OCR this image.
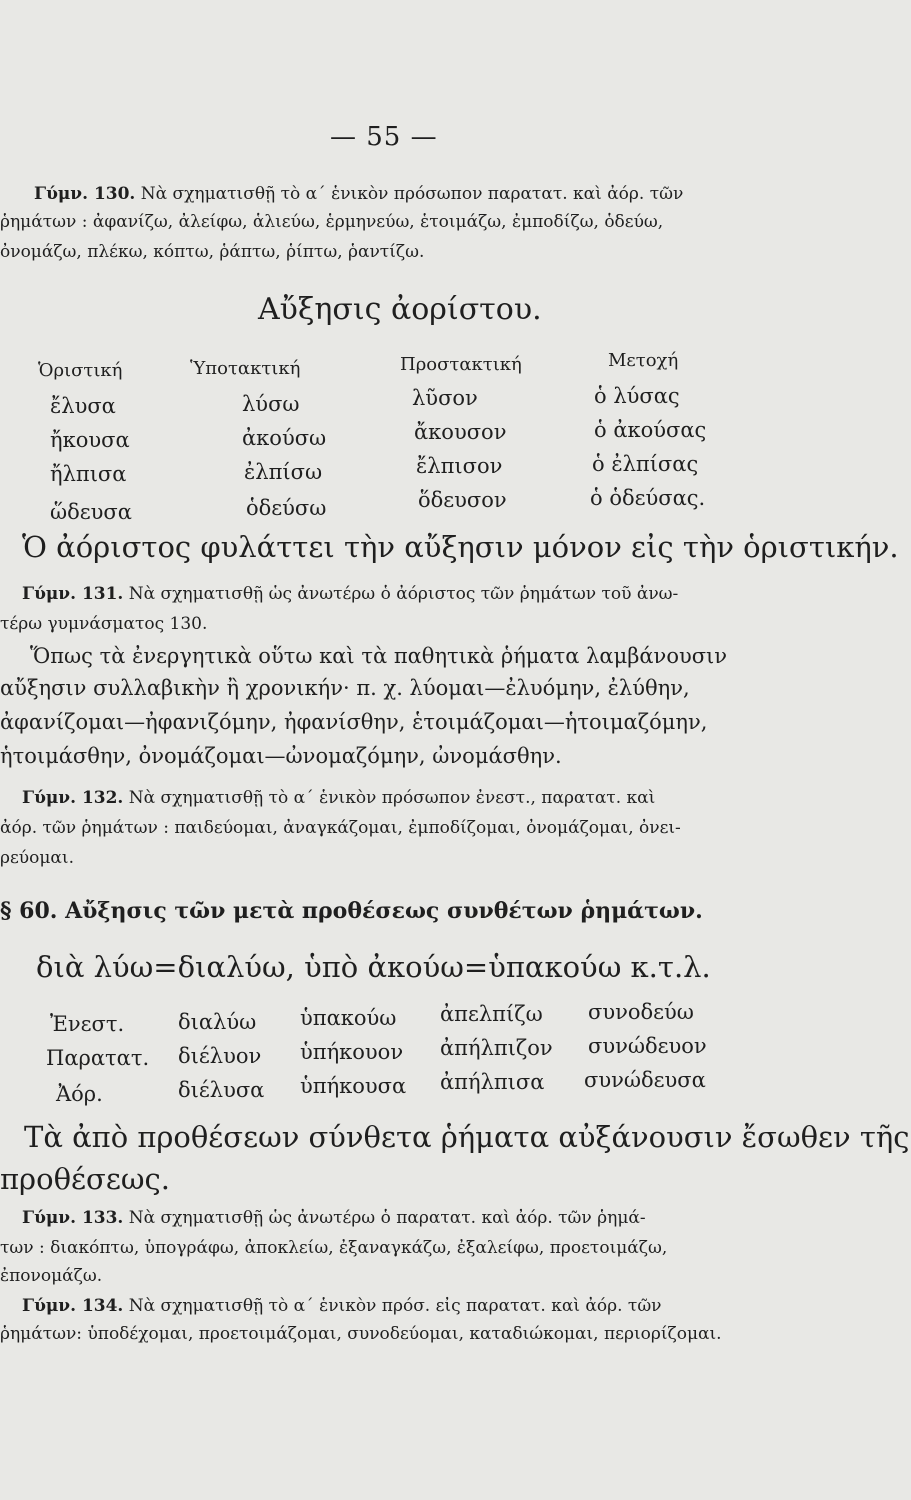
— 55 —
Γύμν. 130. Νὰ σχηματισθῇ τὸ α΄ ἑνικὸν πρόσωπον παρατατ. καὶ ἀόρ. τῶν
ῥημάτων : ἀφανίζω, ἀλείφω, ἁλιεύω, ἑρμηνεύω, ἑτοιμάζω, ἐμποδίζω, ὁδεύω,
ὀνομάζω, πλέκω, κόπτω, ῥάπτω, ῥίπτω, ῥαντίζω.
Αὔξησις ἀορίστου.
Ὁριστική	Ὑποτακτική	Προστακτική	Μετοχή
ἔλυσα	λύσω	λῦσον	ὁ λύσας
ἤκουσα	ἀκούσω	ἄκουσον	ὁ ἀκούσας
ἤλπισα	ἐλπίσω	ἔλπισον	ὁ ἐλπίσας
ὥδευσα	ὁδεύσω	ὅδευσον	ὁ ὁδεύσας.
Ὁ ἀόριστος φυλάττει τὴν αὔξησιν μόνον εἰς τὴν ὁριστικήν.
Γύμν. 131. Νὰ σχηματισθῇ ὡς ἀνωτέρω ὁ ἀόριστος τῶν ῥημάτων τοῦ ἀνω-
τέρω γυμνάσματος 130.
Ὅπως τὰ ἐνεργητικὰ οὕτω καὶ τὰ παθητικὰ ῥήματα λαμβάνουσιν
αὔξησιν συλλαβικὴν ἢ χρονικήν· π. χ. λύομαι—ἐλυόμην, ἐλύθην,
ἀφανίζομαι—ἠφανιζόμην, ἠφανίσθην, ἑτοιμάζομαι—ἡτοιμαζόμην,
ἡτοιμάσθην, ὀνομάζομαι—ὠνομαζόμην, ὠνομάσθην.
Γύμν. 132. Νὰ σχηματισθῇ τὸ α΄ ἑνικὸν πρόσωπον ἐνεστ., παρατατ. καὶ
ἀόρ. τῶν ῥημάτων : παιδεύομαι, ἀναγκάζομαι, ἐμποδίζομαι, ὀνομάζομαι, ὀνει-
ρεύομαι.
§ 60. Αὔξησις τῶν μετὰ προθέσεως συνθέτων ῥημάτων.
διὰ λύω=διαλύω, ὑπὸ ἀκούω=ὑπακούω κ.τ.λ.
Ἐνεστ.	διαλύω ὑπακούω ἀπελπίζω συνοδεύω
Παρατατ. διέλυον ὑπήκουον ἀπήλπιζον συνώδευον
Ἀόρ.	διέλυσα ὑπήκουσα ἀπήλπισα συνώδευσα
Τὰ ἀπὸ προθέσεων σύνθετα ῥήματα αὐξάνουσιν ἔσωθεν τῆς
προθέσεως.
Γύμν. 133. Νὰ σχηματισθῇ ὡς ἀνωτέρω ὁ παρατατ. καὶ ἀόρ. τῶν ῥημά-
των : διακόπτω, ὑπογράφω, ἀποκλείω, ἐξαναγκάζω, ἐξαλείφω, προετοιμάζω,
ἐπονομάζω.
Γύμν. 134. Νὰ σχηματισθῇ τὸ α΄ ἑνικὸν πρόσ. εἰς παρατατ. καὶ ἀόρ. τῶν
ῥημάτων: ὑποδέχομαι, προετοιμάζομαι, συνοδεύομαι, καταδιώκομαι, περιορίζομαι.
